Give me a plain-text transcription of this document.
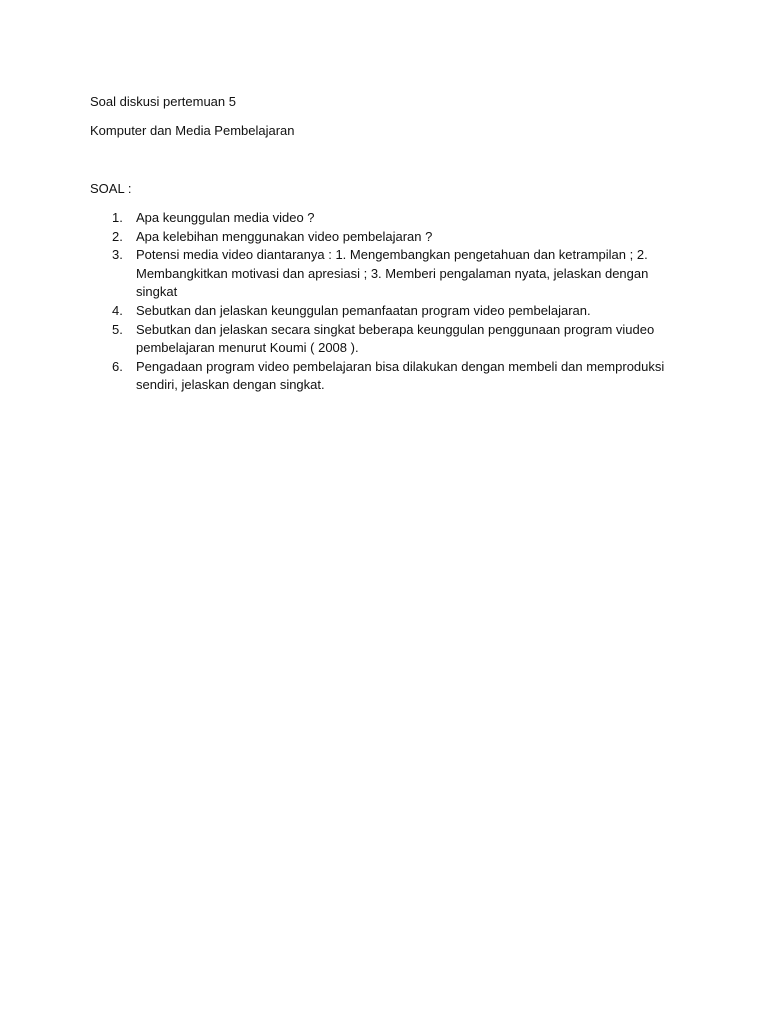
Soal diskusi pertemuan 5
Komputer dan Media Pembelajaran
SOAL :
1. Apa keunggulan media video ?
2. Apa kelebihan menggunakan video pembelajaran ?
3. Potensi media video diantaranya : 1. Mengembangkan pengetahuan dan ketrampilan ; 2. Membangkitkan motivasi dan apresiasi ; 3. Memberi pengalaman nyata, jelaskan dengan singkat
4. Sebutkan dan jelaskan keunggulan pemanfaatan program video pembelajaran.
5. Sebutkan dan jelaskan secara singkat beberapa keunggulan penggunaan program viudeo pembelajaran menurut Koumi ( 2008 ).
6. Pengadaan program video pembelajaran bisa dilakukan dengan membeli dan memproduksi sendiri, jelaskan dengan singkat.
